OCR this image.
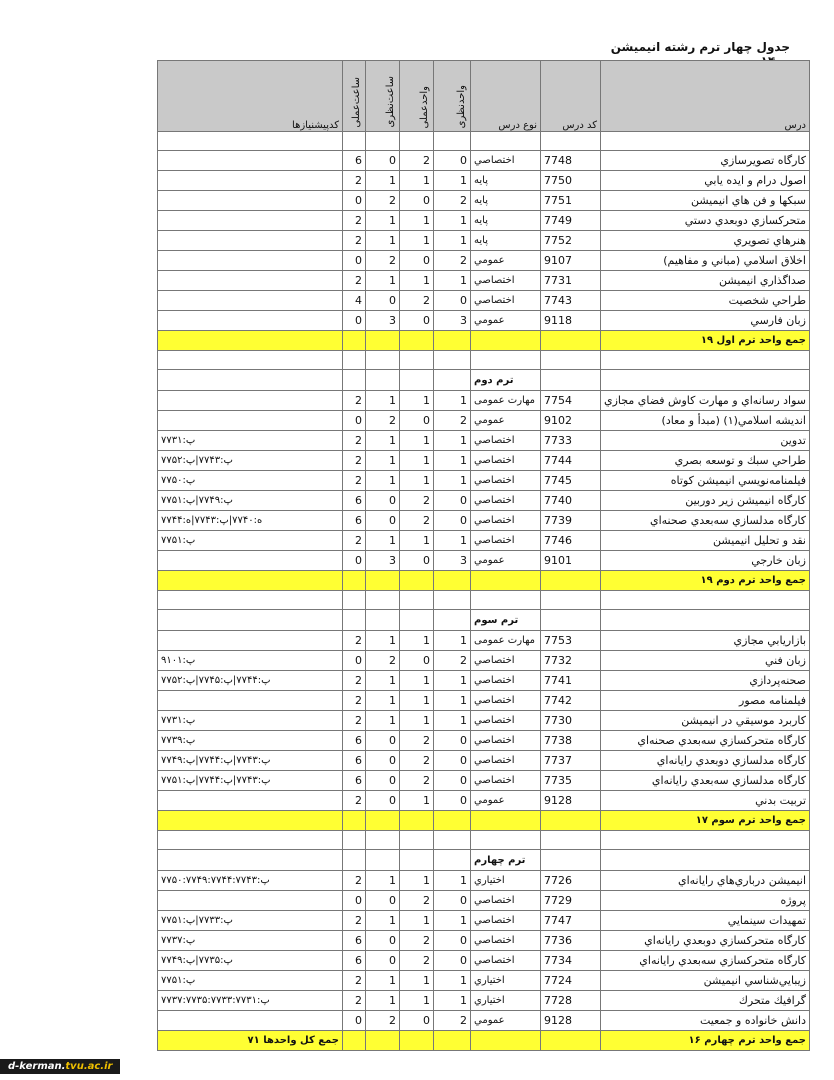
جدول چهار ترم رشته انیمیشن
درس	کد درس	نوع درس	واحدنظری	واحدعملی	ساعت‌نظری	ساعت‌عملی	کدپیشنیازها

كارگاه تصويرسازي	7748	اختصاصي	0	2	0	6	
اصول درام و ايده يابي	7750	پايه	1	1	1	2	
سبكها و فن هاي انيميشن	7751	پايه	2	0	2	0	
متحركسازي دوبعدي دستي	7749	پايه	1	1	1	2	
هنرهاي تصويري	7752	پايه	1	1	1	2	
اخلاق اسلامي (مباني و مفاهيم)	9107	عمومي	2	0	2	0	
صداگذاري انيميشن	7731	اختصاصي	1	1	1	2	
طراحي شخصيت	7743	اختصاصي	0	2	0	4	
زبان فارسي	9118	عمومي	3	0	3	0	
جمع واحد ترم اول ۱۹							

		ترم دوم					
سواد رسانه‌اي و مهارت كاوش فضاي مجازي	7754	مهارت عمومی	1	1	1	2	
انديشه اسلامي(۱) (مبدأ و معاد)	9102	عمومي	2	0	2	0	
تدوين	7733	اختصاصي	1	1	1	2	پ:۷۷۳۱
طراحي سبك و توسعه بصري	7744	اختصاصي	1	1	1	2	پ:۷۷۴۳|پ:۷۷۵۲
فيلمنامه‌نويسي انيميشن كوتاه	7745	اختصاصي	1	1	1	2	پ:۷۷۵۰
كارگاه انيميشن زير دوربين	7740	اختصاصي	0	2	0	6	پ:۷۷۴۹|پ:۷۷۵۱
كارگاه مدلسازي سه‌بعدي صحنه‌اي	7739	اختصاصي	0	2	0	6	ه:۷۷۴۰|پ:۷۷۴۳|ه:۷۷۴۴
نقد و تحليل انيميشن	7746	اختصاصي	1	1	1	2	پ:۷۷۵۱
زبان خارجي	9101	عمومي	3	0	3	0	
جمع واحد ترم دوم ۱۹							

		ترم سوم					
بازاريابي مجازي	7753	مهارت عمومی	1	1	1	2	
زبان فني	7732	اختصاصي	2	0	2	0	پ:۹۱۰۱
صحنه‌پردازي	7741	اختصاصي	1	1	1	2	پ:۷۷۴۴|پ:۷۷۴۵|پ:۷۷۵۲
فيلمنامه مصور	7742	اختصاصي	1	1	1	2	
كاربرد موسيقي در انيميشن	7730	اختصاصي	1	1	1	2	پ:۷۷۳۱
كارگاه متحركسازي سه‌بعدي صحنه‌اي	7738	اختصاصي	0	2	0	6	پ:۷۷۳۹
كارگاه مدلسازي دوبعدي رايانه‌اي	7737	اختصاصي	0	2	0	6	پ:۷۷۴۳|پ:۷۷۴۴|پ:۷۷۴۹
كارگاه مدلسازي سه‌بعدي رايانه‌اي	7735	اختصاصي	0	2	0	6	پ:۷۷۴۳|پ:۷۷۴۴|پ:۷۷۵۱
تربيت بدني	9128	عمومي	0	1	0	2	
جمع واحد ترم سوم ۱۷							

		ترم چهارم					
انيميشن درباري‌هاي رايانه‌اي	7726	اختياري	1	1	1	2	پ:۷۷۵۰:۷۷۴۹:۷۷۴۴:۷۷۴۳
پروژه	7729	اختصاصي	0	2	0	0	
تمهيدات سينمايي	7747	اختصاصي	1	1	1	2	پ:۷۷۳۳|پ:۷۷۵۱
كارگاه متحركسازي دوبعدي رايانه‌اي	7736	اختصاصي	0	2	0	6	پ:۷۷۳۷
كارگاه متحركسازي سه‌بعدي رايانه‌اي	7734	اختصاصي	0	2	0	6	پ:۷۷۳۵|پ:۷۷۴۹
زيبايي‌شناسي انيميشن	7724	اختياري	1	1	1	2	پ:۷۷۵۱
گرافيك متحرك	7728	اختياري	1	1	1	2	پ:۷۷۳۷:۷۷۳۵:۷۷۳۳:۷۷۳۱
دانش خانواده و جمعيت	9128	عمومي	2	0	2	0	
جمع واحد ترم چهارم ۱۶							جمع کل واحدها ۷۱
d-kerman.tvu.ac.ir
